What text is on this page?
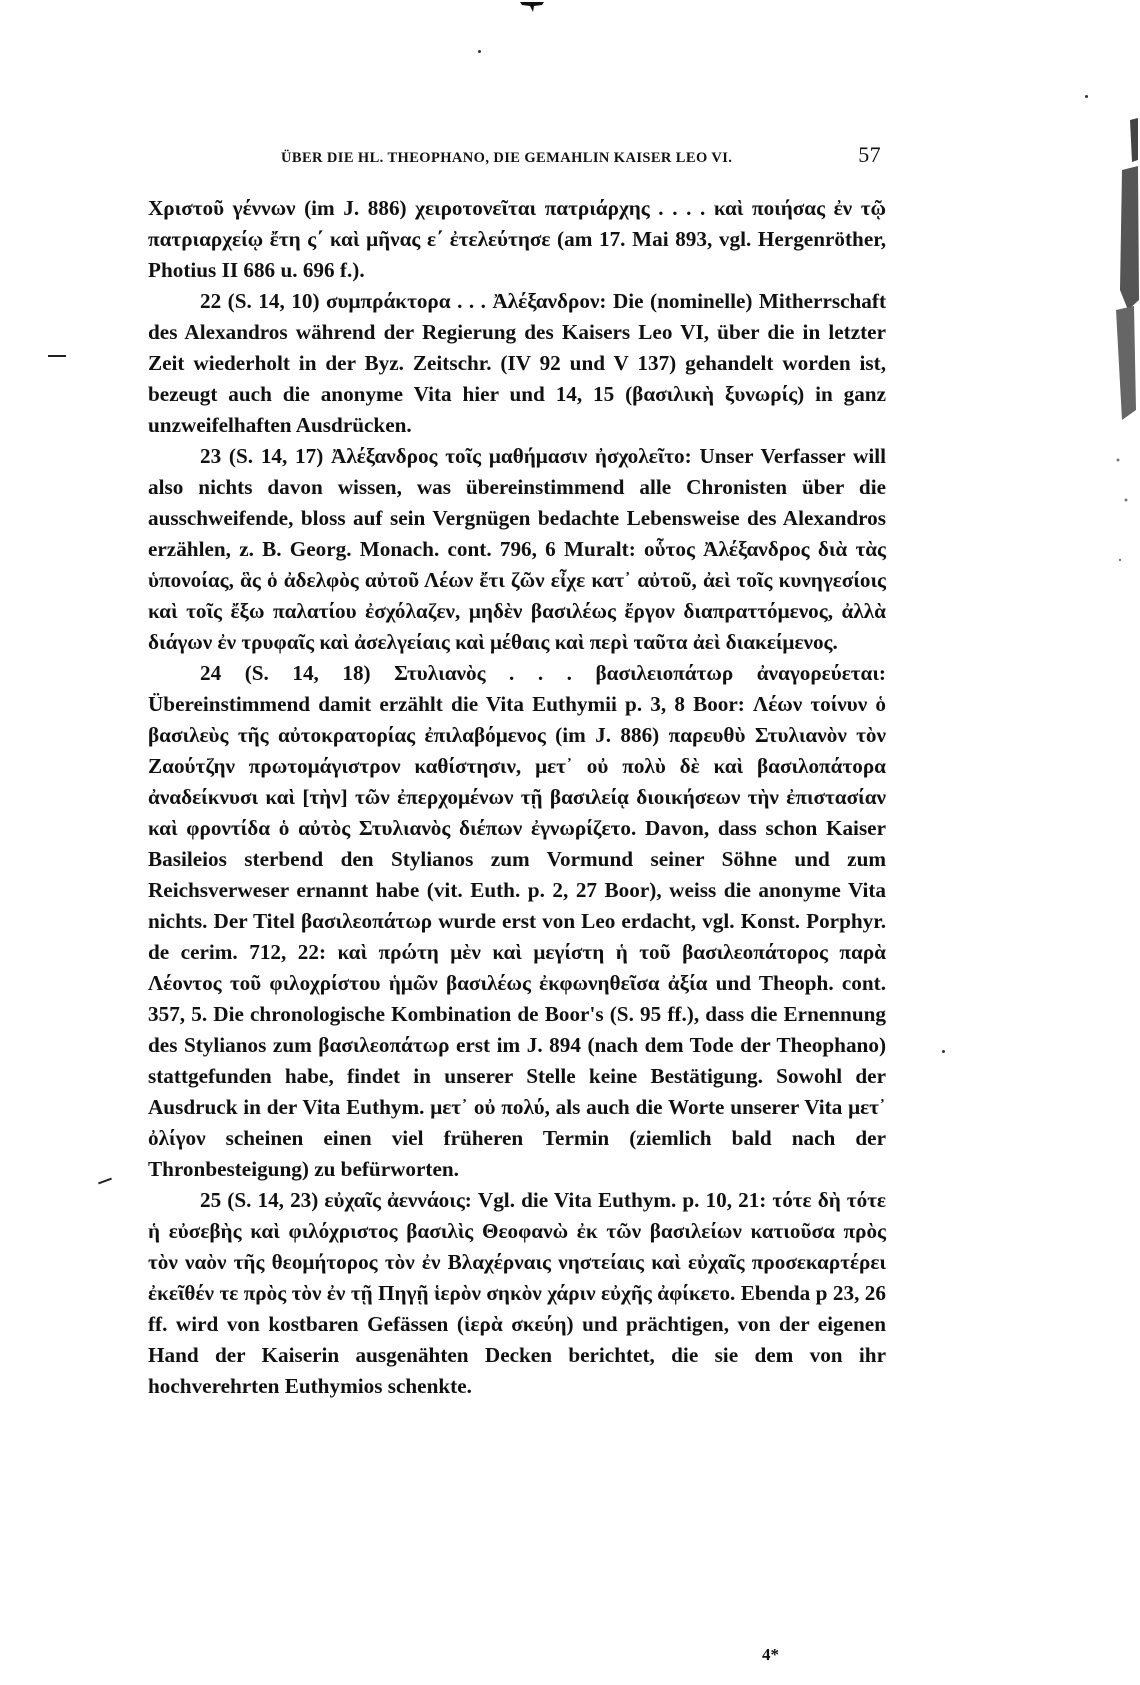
ÜBER DIE HL. THEOPHANO, DIE GEMAHLIN KAISER LEO VI.	57

Χριστοῦ γέννων (im J. 886) χειροτονεῖται πατριάρχης . . . . καὶ ποιήσας ἐν τῷ πατριαρχείῳ ἔτη ς΄ καὶ μῆνας ε΄ ἐτελεύτησε (am 17. Mai 893, vgl. Hergenröther, Photius II 686 u. 696 f.).

22 (S. 14, 10) συμπράκτορα . . . Ἀλέξανδρον: Die (nominelle) Mitherrschaft des Alexandros während der Regierung des Kaisers Leo VI, über die in letzter Zeit wiederholt in der Byz. Zeitschr. (IV 92 und V 137) gehandelt worden ist, bezeugt auch die anonyme Vita hier und 14, 15 (βασιλικὴ ξυνωρίς) in ganz unzweifelhaften Ausdrücken.

23 (S. 14, 17) Ἀλέξανδρος τοῖς μαθήμασιν ἠσχολεῖτο: Unser Verfasser will also nichts davon wissen, was übereinstimmend alle Chronisten über die ausschweifende, bloss auf sein Vergnügen bedachte Lebensweise des Alexandros erzählen, z. B. Georg. Monach. cont. 796, 6 Muralt: οὗτος Ἀλέξανδρος διὰ τὰς ὑπονοίας, ἃς ὁ ἀδελφὸς αὐτοῦ Λέων ἔτι ζῶν εἶχε κατ᾽ αὐτοῦ, ἀεὶ τοῖς κυνηγεσίοις καὶ τοῖς ἔξω παλατίου ἐσχόλαζεν, μηδὲν βασιλέως ἔργον διαπραττόμενος, ἀλλὰ διάγων ἐν τρυφαῖς καὶ ἀσελγείαις καὶ μέθαις καὶ περὶ ταῦτα ἀεὶ διακείμενος.

24 (S. 14, 18) Στυλιανὸς . . . βασιλειοπάτωρ ἀναγορεύεται: Übereinstimmend damit erzählt die Vita Euthymii p. 3, 8 Boor: Λέων τοίνυν ὁ βασιλεὺς τῆς αὐτοκρατορίας ἐπιλαβόμενος (im J. 886) παρευθὺ Στυλιανὸν τὸν Ζαούτζην πρωτομάγιστρον καθίστησιν, μετ᾽ οὐ πολὺ δὲ καὶ βασιλοπάτορα ἀναδείκνυσι καὶ [τὴν] τῶν ἐπερχομένων τῇ βασιλείᾳ διοικήσεων τὴν ἐπιστασίαν καὶ φροντίδα ὁ αὐτὸς Στυλιανὸς διέπων ἐγνωρίζετο. Davon, dass schon Kaiser Basileios sterbend den Stylianos zum Vormund seiner Söhne und zum Reichsverweser ernannt habe (vit. Euth. p. 2, 27 Boor), weiss die anonyme Vita nichts. Der Titel βασιλεοπάτωρ wurde erst von Leo erdacht, vgl. Konst. Porphyr. de cerim. 712, 22: καὶ πρώτη μὲν καὶ μεγίστη ἡ τοῦ βασιλεοπάτορος παρὰ Λέοντος τοῦ φιλοχρίστου ἡμῶν βασιλέως ἐκφωνηθεῖσα ἀξία und Theoph. cont. 357, 5. Die chronologische Kombination de Boor's (S. 95 ff.), dass die Ernennung des Stylianos zum βασιλεοπάτωρ erst im J. 894 (nach dem Tode der Theophano) stattgefunden habe, findet in unserer Stelle keine Bestätigung. Sowohl der Ausdruck in der Vita Euthym. μετ᾽ οὐ πολύ, als auch die Worte unserer Vita μετ᾽ ὀλίγον scheinen einen viel früheren Termin (ziemlich bald nach der Thronbesteigung) zu befürworten.

25 (S. 14, 23) εὐχαῖς ἀεννάοις: Vgl. die Vita Euthym. p. 10, 21: τότε δὴ τότε ἡ εὐσεβὴς καὶ φιλόχριστος βασιλὶς Θεοφανὼ ἐκ τῶν βασιλείων κατιοῦσα πρὸς τὸν ναὸν τῆς θεομήτορος τὸν ἐν Βλαχέρναις νηστείαις καὶ εὐχαῖς προσεκαρτέρει ἐκεῖθέν τε πρὸς τὸν ἐν τῇ Πηγῇ ἱερὸν σηκὸν χάριν εὐχῆς ἀφίκετο. Ebenda p 23, 26 ff. wird von kostbaren Gefässen (ἱερὰ σκεύη) und prächtigen, von der eigenen Hand der Kaiserin ausgenähten Decken berichtet, die sie dem von ihr hochverehrten Euthymios schenkte.

4*
